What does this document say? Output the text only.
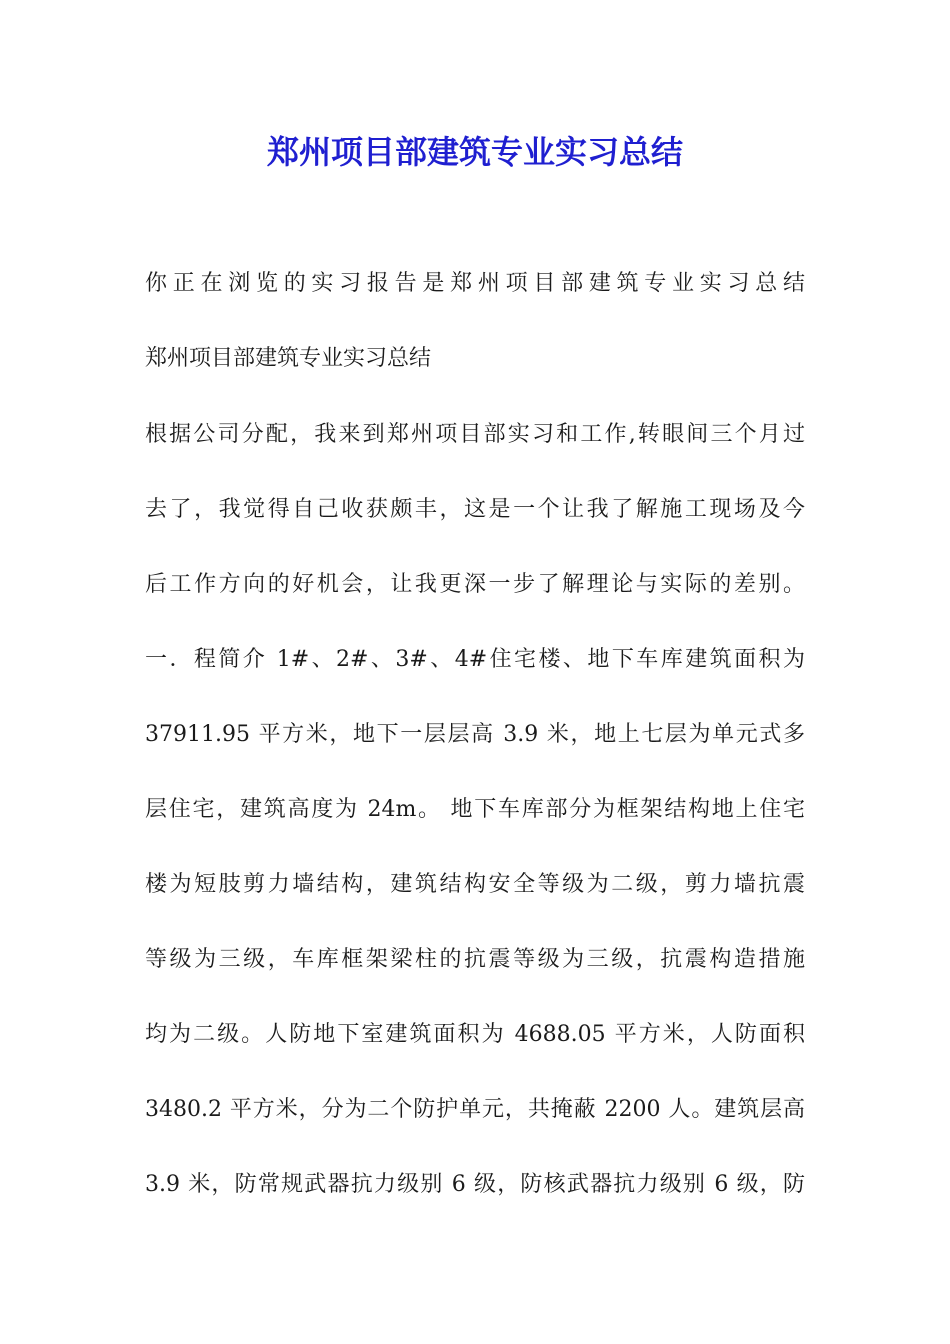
郑州项目部建筑专业实习总结
你正在浏览的实习报告是郑州项目部建筑专业实习总结
郑州项目部建筑专业实习总结
根据公司分配，我来到郑州项目部实习和工作,转眼间三个月过
去了，我觉得自己收获颇丰，这是一个让我了解施工现场及今
后工作方向的好机会，让我更深一步了解理论与实际的差别。
一．程简介 1#、2#、3#、4#住宅楼、地下车库建筑面积为
37911.95 平方米，地下一层层高 3.9 米，地上七层为单元式多
层住宅，建筑高度为 24m。 地下车库部分为框架结构地上住宅
楼为短肢剪力墙结构，建筑结构安全等级为二级，剪力墙抗震
等级为三级，车库框架梁柱的抗震等级为三级，抗震构造措施
均为二级。人防地下室建筑面积为 4688.05 平方米，人防面积
3480.2 平方米，分为二个防护单元，共掩蔽 2200 人。建筑层高
3.9 米，防常规武器抗力级别 6 级，防核武器抗力级别 6 级，防
